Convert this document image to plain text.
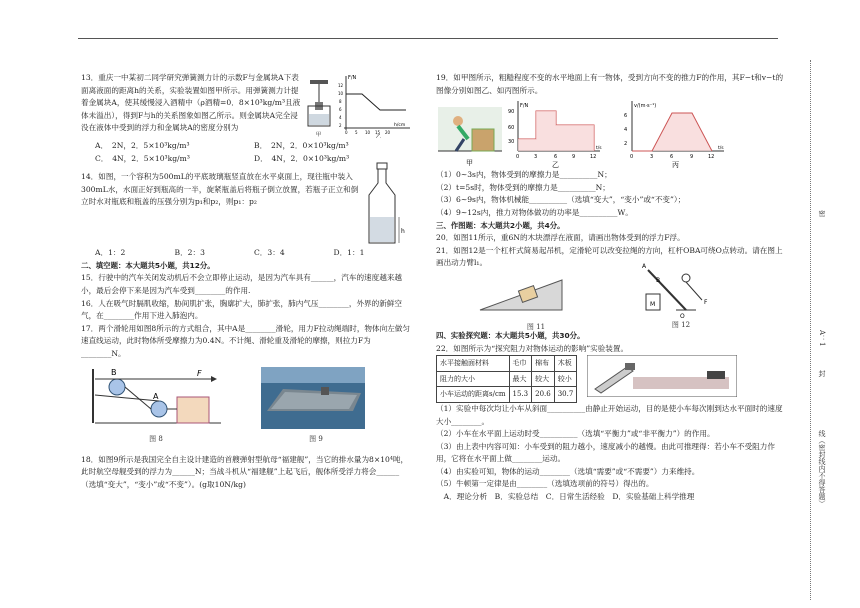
13．重庆一中某初二同学研究弹簧测力计的示数F与金属块A下表面离液面的距离h的关系，实验装置如图甲所示。用弹簧测力计提着金属块A，使其缓慢浸入酒精中（ρ酒精=0．8×10³kg/m³且液体未溢出），得到F与h的关系图象如图乙所示。则金属块A完全浸没在液体中受到的浮力和金属块A的密度分别为

甲
F/N
h/cm
12
10
8
6
4
2
0 5 10 15 20
乙
A．　2N，2．5×10³kg/m³	B．　2N，2．0×10³kg/m³
C．　4N，2．5×10³kg/m³	D．　4N，2．0×10³kg/m³

14．如图，一个容积为500mL的平底玻璃瓶竖直放在水平桌面上，现往瓶中装入300mL水，水面正好到瓶高的一半，旋紧瓶盖后将瓶子倒立放置，若瓶子正立和倒立时水对瓶底和瓶盖的压强分别为p₁和p₂，则p₁：p₂

h
A．1：2	B．2：3	C．3：4	D．1：1

二、填空题：本大题共5小题，共12分。

15．行驶中的汽车关闭发动机后不会立即停止运动，是因为汽车具有______，汽车的速度越来越小，最后会停下来是因为汽车受到________的作用.

16．人在吸气时膈肌收缩，胁间肌扩张，胸廓扩大，肺扩张，肺内气压________，外界的新鲜空气，在________作用下进入肺泡内。

17．两个滑轮用如图8所示的方式组合，其中A是________滑轮，用力F拉动绳端时，物体向左做匀速直线运动，此时物体所受摩擦力为0.4N。不计绳、滑轮重及滑轮的摩擦，则拉力F为________N。

B
A
F
图 8	图 9

18．如图9所示是我国完全自主设计建造的首艘弹射型航母“福建舰”，当它的排水量为8×10⁴吨，此时航空母舰受到的浮力为______N；当战斗机从“福建舰”上起飞后，舰体所受浮力将会______（选填“变大”，“变小”或“不变”）。(g取10N/kg)

19．如甲图所示，粗糙程度不变的水平地面上有一物体，受到方向不变的推力F的作用，其F−t和v−t的图像分别如图乙、如丙图所示。

甲
F/N
90
60
30
0	3	6	9	12
t/s
乙
v/(m·s⁻¹)
6
4
2
0	3	6	9	12
t/s
丙

（1）0∼3s内，物体受到的摩擦力是__________N；

（2）t=5s时，物体受到的摩擦力是__________N；

（3）6∼9s内，物体机械能__________（选填“变大”，“变小”或“不变”）；

（4）9∼12s内，推力对物体做功的功率是__________W。

三、作图题：本大题共2小题，共4分。

20．如图11所示，重6N的木块漂浮在液面，请画出物体受到的浮力F浮。

21．如图12是一个杠杆式简易起吊机，定滑轮可以改变拉绳的方向，杠杆OBA可绕O点转动。请在图上画出动力臂l₁。

图 11
A
B
M
O
F
图 12

四、实验探究题：本大题共5小题，共30分。

22．如图所示为“探究阻力对物体运动的影响”实验装置。

水平接触面材料	毛巾	棉布	木板
阻力的大小	最大	较大	较小
小车运动的距离s/cm	15.3	20.6	30.7

（1）实验中每次均让小车从斜面__________由静止开始运动，目的是使小车每次刚到达水平面时的速度大小________。

（2）小车在水平面上运动时受__________（选填“平衡力”或“非平衡力”）的作用。

（3）由上表中内容可知：小车受到的阻力越小，速度减小的越慢。由此可推理得：若小车不受阻力作用，它将在水平面上做________运动。

（4）由实验可知，物体的运动________（选填“需要”或“不需要”）力来维持。

（5）牛顿第一定律是由________（选填选项前的符号）得出的。

　A．理论分析　B．实验总结　C．日常生活经验　D．实验基础上科学推理

密
A：1
封
线（密封线内不得答题）
